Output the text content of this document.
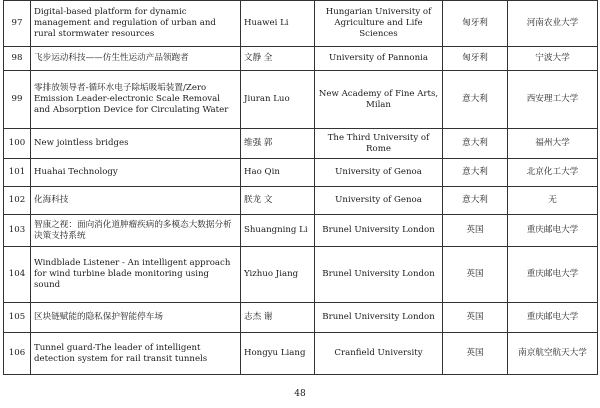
97	Digital-based platform for dynamic management and regulation of urban and rural stormwater resources	Huawei Li	Hungarian University of Agriculture and Life Sciences	匈牙利	河南农业大学
98	飞步运动科技——仿生性运动产品领跑者	文静 全	University of Pannonia	匈牙利	宁波大学
99	零排放领导者-循环水电子除垢吸垢装置/Zero Emission Leader-electronic Scale Removal and Absorption Device for Circulating Water	Jiuran Luo	New Academy of Fine Arts, Milan	意大利	西安理工大学
100	New jointless bridges	维强 郭	The Third University of Rome	意大利	福州大学
101	Huahai Technology	Hao Qin	University of Genoa	意大利	北京化工大学
102	化海科技	朕龙 文	University of Genoa	意大利	无
103	智康之视：面向消化道肿瘤疾病的多模态大数据分析决策支持系统	Shuangning Li	Brunel University London	英国	重庆邮电大学
104	Windblade Listener - An intelligent approach for wind turbine blade monitoring using sound	Yizhuo Jiang	Brunel University London	英国	重庆邮电大学
105	区块链赋能的隐私保护智能停车场	志杰 谢	Brunel University London	英国	重庆邮电大学
106	Tunnel guard-The leader of intelligent detection system for rail transit tunnels	Hongyu Liang	Cranfield University	英国	南京航空航天大学
48
